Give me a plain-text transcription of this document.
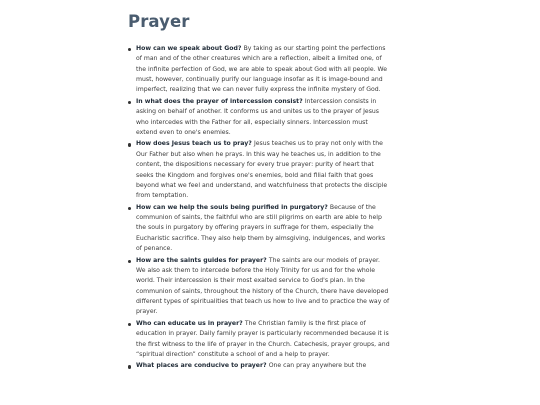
Prayer
How can we speak about God? By taking as our starting point the perfections of man and of the other creatures which are a reflection, albeit a limited one, of the infinite perfection of God, we are able to speak about God with all people. We must, however, continually purify our language insofar as it is image-bound and imperfect, realizing that we can never fully express the infinite mystery of God.
In what does the prayer of intercession consist? Intercession consists in asking on behalf of another. It conforms us and unites us to the prayer of Jesus who intercedes with the Father for all, especially sinners. Intercession must extend even to one's enemies.
How does Jesus teach us to pray? Jesus teaches us to pray not only with the Our Father but also when he prays. In this way he teaches us, in addition to the content, the dispositions necessary for every true prayer: purity of heart that seeks the Kingdom and forgives one's enemies, bold and filial faith that goes beyond what we feel and understand, and watchfulness that protects the disciple from temptation.
How can we help the souls being purified in purgatory? Because of the communion of saints, the faithful who are still pilgrims on earth are able to help the souls in purgatory by offering prayers in suffrage for them, especially the Eucharistic sacrifice. They also help them by almsgiving, indulgences, and works of penance.
How are the saints guides for prayer? The saints are our models of prayer. We also ask them to intercede before the Holy Trinity for us and for the whole world. Their intercession is their most exalted service to God's plan. In the communion of saints, throughout the history of the Church, there have developed different types of spiritualities that teach us how to live and to practice the way of prayer.
Who can educate us in prayer? The Christian family is the first place of education in prayer. Daily family prayer is particularly recommended because it is the first witness to the life of prayer in the Church. Catechesis, prayer groups, and “spiritual direction” constitute a school of and a help to prayer.
What places are conducive to prayer? One can pray anywhere but the
